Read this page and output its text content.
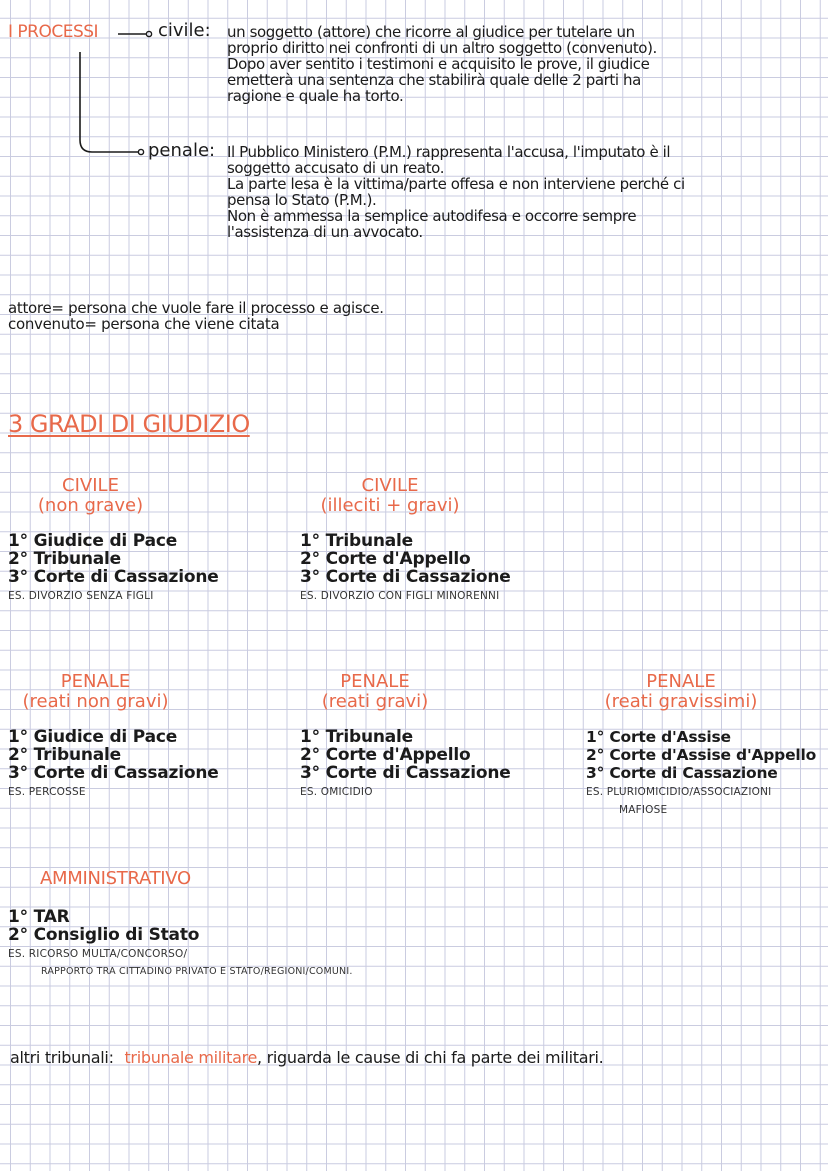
I PROCESSI	civile: un soggetto (attore) che ricorre al giudice per tutelare un
proprio diritto nei confronti di un altro soggetto (convenuto).
Dopo aver sentito i testimoni e acquisito le prove, il giudice
emetterà una sentenza che stabilirà quale delle 2 parti ha
ragione e quale ha torto.
penale: Il Pubblico Ministero (P.M.) rappresenta l'accusa, l'imputato è il
soggetto accusato di un reato.
La parte lesa è la vittima/parte offesa e non interviene perché ci
pensa lo Stato (P.M.).
Non è ammessa la semplice autodifesa e occorre sempre
l'assistenza di un avvocato.
attore= persona che vuole fare il processo e agisce.
convenuto= persona che viene citata
3 GRADI DI GIUDIZIO
CIVILE
(non grave)
1° Giudice di Pace
2° Tribunale
3° Corte di Cassazione
ES. DIVORZIO SENZA FIGLI
CIVILE
(illeciti + gravi)
1° Tribunale
2° Corte d'Appello
3° Corte di Cassazione
ES. DIVORZIO CON FIGLI MINORENNI
PENALE
(reati non gravi)
1° Giudice di Pace
2° Tribunale
3° Corte di Cassazione
ES. PERCOSSE
PENALE
(reati gravi)
1° Tribunale
2° Corte d'Appello
3° Corte di Cassazione
ES. OMICIDIO
PENALE
(reati gravissimi)
1° Corte d'Assise
2° Corte d'Assise d'Appello
3° Corte di Cassazione
ES. PLURIOMICIDIO/ASSOCIAZIONI
MAFIOSE
AMMINISTRATIVO
1° TAR
2° Consiglio di Stato
ES. RICORSO MULTA/CONCORSO/
RAPPORTO TRA CITTADINO PRIVATO E STATO/REGIONI/COMUNI.
altri tribunali: tribunale militare, riguarda le cause di chi fa parte dei militari.
